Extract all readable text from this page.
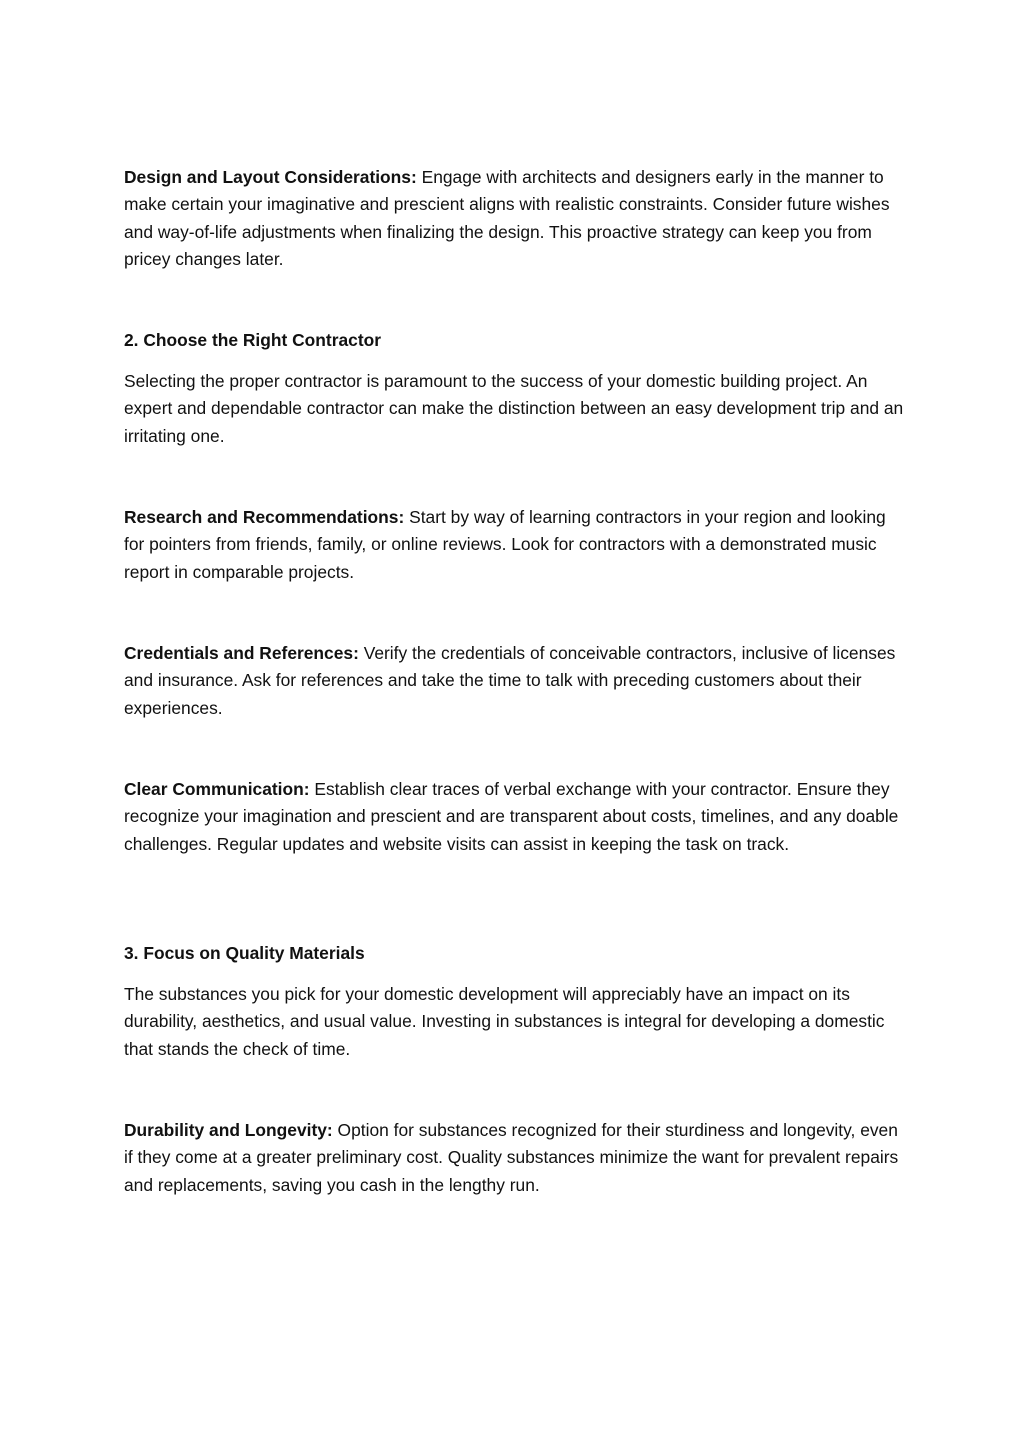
Design and Layout Considerations: Engage with architects and designers early in the manner to make certain your imaginative and prescient aligns with realistic constraints. Consider future wishes and way-of-life adjustments when finalizing the design. This proactive strategy can keep you from pricey changes later.

2. Choose the Right Contractor

Selecting the proper contractor is paramount to the success of your domestic building project. An expert and dependable contractor can make the distinction between an easy development trip and an irritating one.

Research and Recommendations: Start by way of learning contractors in your region and looking for pointers from friends, family, or online reviews. Look for contractors with a demonstrated music report in comparable projects.

Credentials and References: Verify the credentials of conceivable contractors, inclusive of licenses and insurance. Ask for references and take the time to talk with preceding customers about their experiences.

Clear Communication: Establish clear traces of verbal exchange with your contractor. Ensure they recognize your imagination and prescient and are transparent about costs, timelines, and any doable challenges. Regular updates and website visits can assist in keeping the task on track.

3. Focus on Quality Materials

The substances you pick for your domestic development will appreciably have an impact on its durability, aesthetics, and usual value. Investing in substances is integral for developing a domestic that stands the check of time.

Durability and Longevity: Option for substances recognized for their sturdiness and longevity, even if they come at a greater preliminary cost. Quality substances minimize the want for prevalent repairs and replacements, saving you cash in the lengthy run.
